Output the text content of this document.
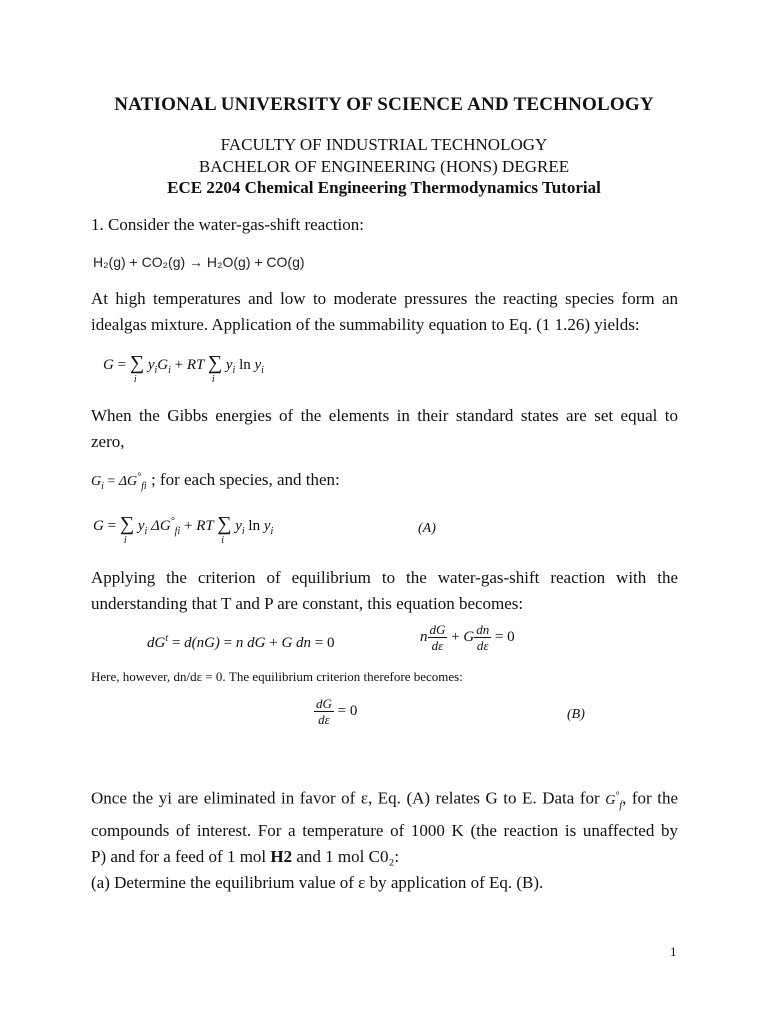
NATIONAL UNIVERSITY OF SCIENCE AND TECHNOLOGY
FACULTY OF INDUSTRIAL TECHNOLOGY
BACHELOR OF ENGINEERING (HONS) DEGREE
ECE 2204 Chemical Engineering Thermodynamics Tutorial
1. Consider the water-gas-shift reaction:
H₂(g) + CO₂(g) → H₂O(g) + CO(g)
At high temperatures and low to moderate pressures the reacting species form an
idealgas mixture. Application of the summability equation to Eq. (1 1.26) yields:
G = ∑
i
$y_iG_i$ + RT ∑
i
$y_i$ $\ln y_i$
When the Gibbs energies of the elements in their standard states are set equal to
zero,
$G_i = \Delta G^\circ_{fi}$ ; for each species, and then:
G = ∑
i
$y_i$ $\Delta G^\circ_{fi}$ + RT ∑
i
$y_i$ $\ln y_i$	(A)
Applying the criterion of equilibrium to the water-gas-shift reaction with the
understanding that T and P are constant, this equation becomes:
$dG^t = d(nG) = n$ dG + G dn = 0	n $\frac{dG}{d\varepsilon} + G \frac{dn}{d\varepsilon} = 0$
Here, however, dn/dε = 0. The equilibrium criterion therefore becomes:
$\frac{dG}{d\varepsilon} = 0$	(B)
Once the yi are eliminated in favor of ε, Eq. (A) relates G to E. Data for $G^\circ_f$, for the
compounds of interest. For a temperature of 1000 K (the reaction is unaffected by
P) and for a feed of 1 mol H2 and 1 mol C0₂:
(a) Determine the equilibrium value of ε by application of Eq. (B).
1
